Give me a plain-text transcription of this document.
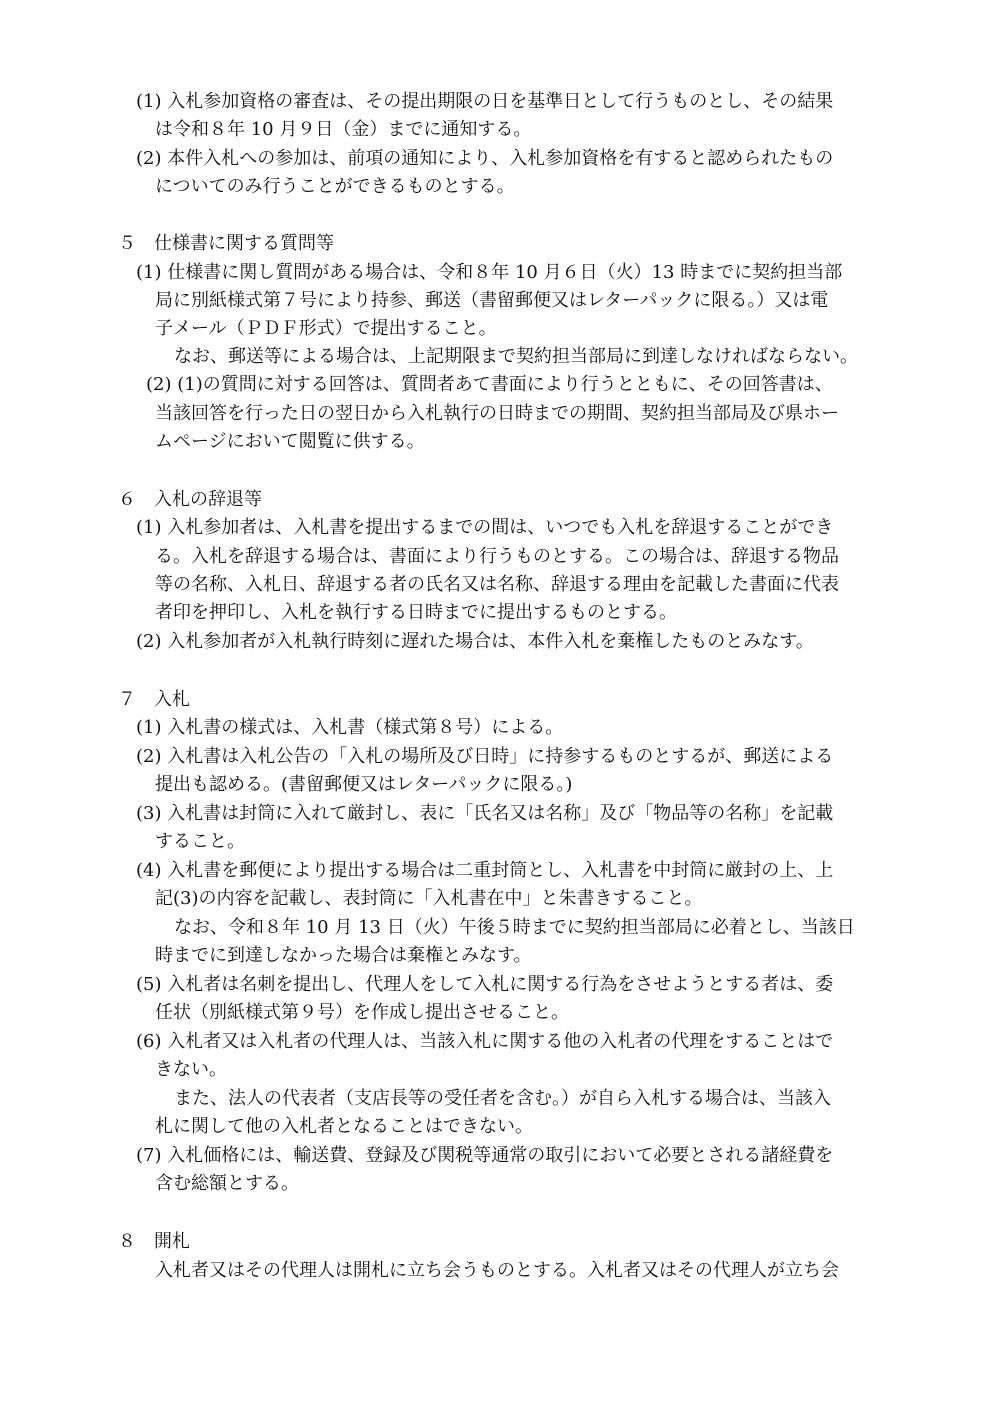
(1) 入札参加資格の審査は、その提出期限の日を基準日として行うものとし、その結果

は令和８年 10 月９日（金）までに通知する。

(2) 本件入札への参加は、前項の通知により、入札参加資格を有すると認められたもの

についてのみ行うことができるものとする。

５　仕様書に関する質問等

(1) 仕様書に関し質問がある場合は、令和８年 10 月６日（火）13 時までに契約担当部

局に別紙様式第７号により持参、郵送（書留郵便又はレターパックに限る。）又は電

子メール（ＰＤＦ形式）で提出すること。

なお、郵送等による場合は、上記期限まで契約担当部局に到達しなければならない。

(2) (1)の質問に対する回答は、質問者あて書面により行うとともに、その回答書は、

当該回答を行った日の翌日から入札執行の日時までの期間、契約担当部局及び県ホー

ムページにおいて閲覧に供する。

６　入札の辞退等

(1) 入札参加者は、入札書を提出するまでの間は、いつでも入札を辞退することができ

る。入札を辞退する場合は、書面により行うものとする。この場合は、辞退する物品

等の名称、入札日、辞退する者の氏名又は名称、辞退する理由を記載した書面に代表

者印を押印し、入札を執行する日時までに提出するものとする。

(2) 入札参加者が入札執行時刻に遅れた場合は、本件入札を棄権したものとみなす。

７　入札

(1) 入札書の様式は、入札書（様式第８号）による。

(2) 入札書は入札公告の「入札の場所及び日時」に持参するものとするが、郵送による

提出も認める。(書留郵便又はレターパックに限る。)

(3) 入札書は封筒に入れて厳封し、表に「氏名又は名称」及び「物品等の名称」を記載

すること。

(4) 入札書を郵便により提出する場合は二重封筒とし、入札書を中封筒に厳封の上、上

記(3)の内容を記載し、表封筒に「入札書在中」と朱書きすること。

なお、令和８年 10 月 13 日（火）午後５時までに契約担当部局に必着とし、当該日

時までに到達しなかった場合は棄権とみなす。

(5) 入札者は名刺を提出し、代理人をして入札に関する行為をさせようとする者は、委

任状（別紙様式第９号）を作成し提出させること。

(6) 入札者又は入札者の代理人は、当該入札に関する他の入札者の代理をすることはで

きない。

また、法人の代表者（支店長等の受任者を含む。）が自ら入札する場合は、当該入

札に関して他の入札者となることはできない。

(7) 入札価格には、輸送費、登録及び関税等通常の取引において必要とされる諸経費を

含む総額とする。

８　開札

入札者又はその代理人は開札に立ち会うものとする。入札者又はその代理人が立ち会
